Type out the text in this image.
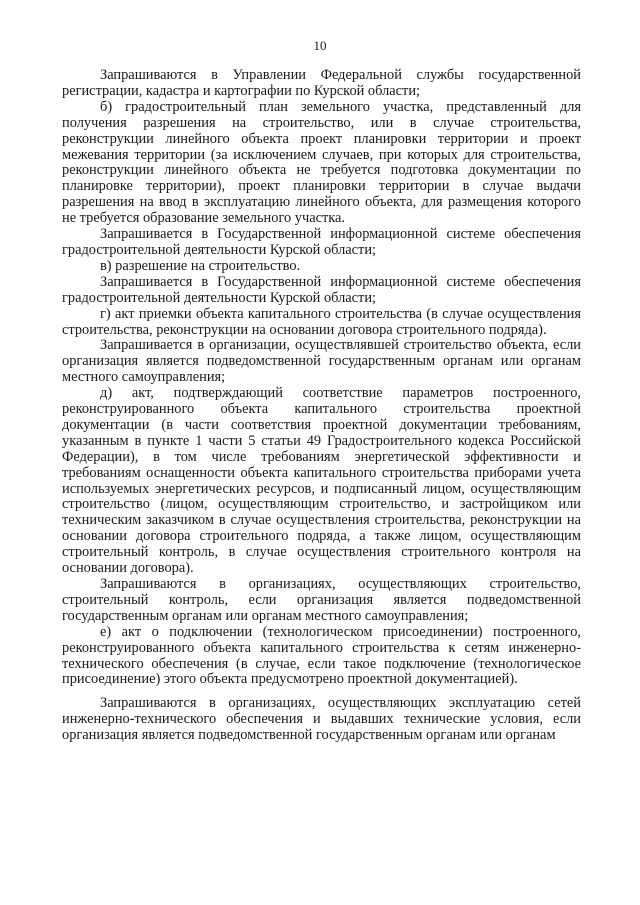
10

Запрашиваются в Управлении Федеральной службы государственной регистрации, кадастра и картографии по Курской области;

б) градостроительный план земельного участка, представленный для получения разрешения на строительство, или в случае строительства, реконструкции линейного объекта проект планировки территории и проект межевания территории (за исключением случаев, при которых для строительства, реконструкции линейного объекта не требуется подготовка документации по планировке территории), проект планировки территории в случае выдачи разрешения на ввод в эксплуатацию линейного объекта, для размещения которого не требуется образование земельного участка.

Запрашивается в Государственной информационной системе обеспечения градостроительной деятельности Курской области;

в) разрешение на строительство.

Запрашивается в Государственной информационной системе обеспечения градостроительной деятельности Курской области;

г) акт приемки объекта капитального строительства (в случае осуществления строительства, реконструкции на основании договора строительного подряда).

Запрашивается в организации, осуществлявшей строительство объекта, если организация является подведомственной государственным органам или органам местного самоуправления;

д) акт, подтверждающий соответствие параметров построенного, реконструированного объекта капитального строительства проектной документации (в части соответствия проектной документации требованиям, указанным в пункте 1 части 5 статьи 49 Градостроительного кодекса Российской Федерации), в том числе требованиям энергетической эффективности и требованиям оснащенности объекта капитального строительства приборами учета используемых энергетических ресурсов, и подписанный лицом, осуществляющим строительство (лицом, осуществляющим строительство, и застройщиком или техническим заказчиком в случае осуществления строительства, реконструкции на основании договора строительного подряда, а также лицом, осуществляющим строительный контроль, в случае осуществления строительного контроля на основании договора).

Запрашиваются в организациях, осуществляющих строительство, строительный контроль, если организация является подведомственной государственным органам или органам местного самоуправления;

е) акт о подключении (технологическом присоединении) построенного, реконструированного объекта капитального строительства к сетям инженерно-технического обеспечения (в случае, если такое подключение (технологическое присоединение) этого объекта предусмотрено проектной документацией).

Запрашиваются в организациях, осуществляющих эксплуатацию сетей инженерно-технического обеспечения и выдавших технические условия, если организация является подведомственной государственным органам или органам
